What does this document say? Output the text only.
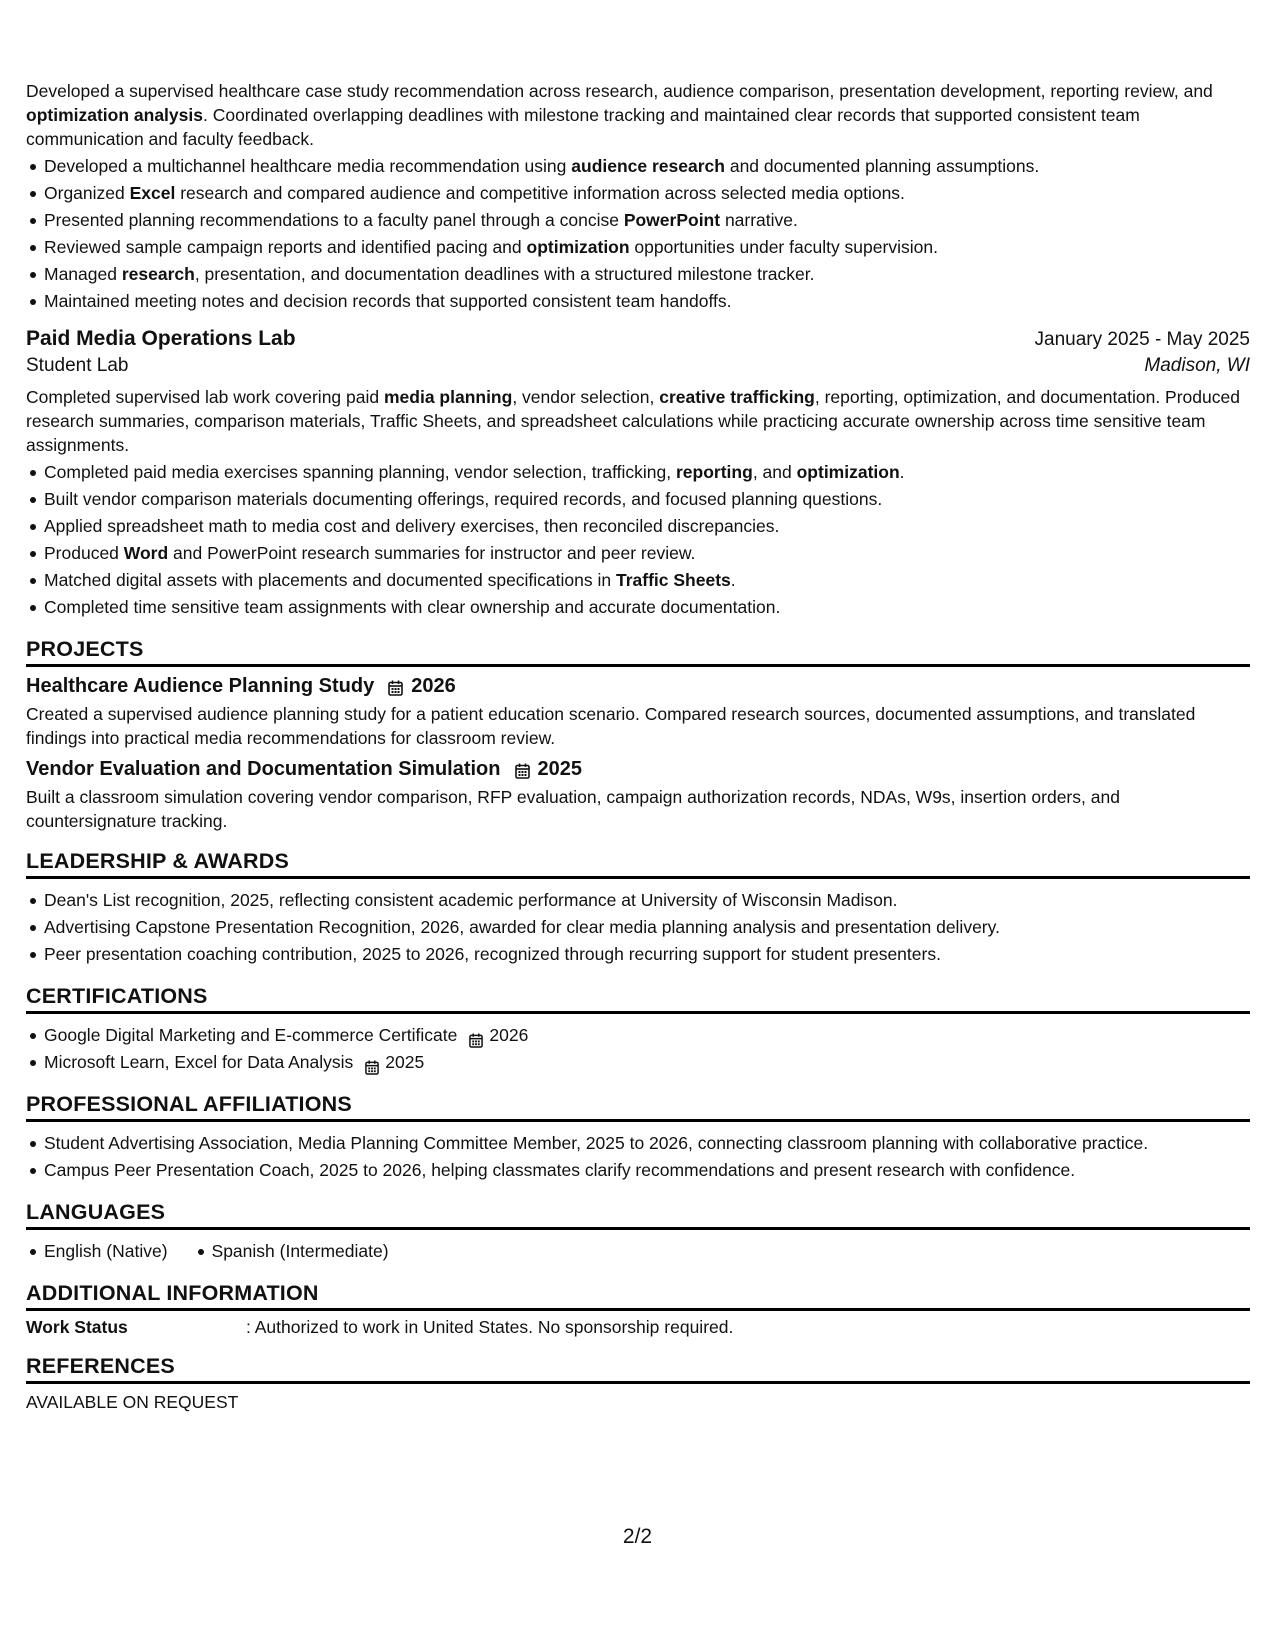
Developed a supervised healthcare case study recommendation across research, audience comparison, presentation development, reporting review, and optimization analysis. Coordinated overlapping deadlines with milestone tracking and maintained clear records that supported consistent team communication and faculty feedback.

Developed a multichannel healthcare media recommendation using audience research and documented planning assumptions.
Organized Excel research and compared audience and competitive information across selected media options.
Presented planning recommendations to a faculty panel through a concise PowerPoint narrative.
Reviewed sample campaign reports and identified pacing and optimization opportunities under faculty supervision.
Managed research, presentation, and documentation deadlines with a structured milestone tracker.
Maintained meeting notes and decision records that supported consistent team handoffs.
Paid Media Operations Lab	January 2025 - May 2025
Student Lab	Madison, WI

Completed supervised lab work covering paid media planning, vendor selection, creative trafficking, reporting, optimization, and documentation. Produced research summaries, comparison materials, Traffic Sheets, and spreadsheet calculations while practicing accurate ownership across time sensitive team assignments.

Completed paid media exercises spanning planning, vendor selection, trafficking, reporting, and optimization.
Built vendor comparison materials documenting offerings, required records, and focused planning questions.
Applied spreadsheet math to media cost and delivery exercises, then reconciled discrepancies.
Produced Word and PowerPoint research summaries for instructor and peer review.
Matched digital assets with placements and documented specifications in Traffic Sheets.
Completed time sensitive team assignments with clear ownership and accurate documentation.
PROJECTS
Healthcare Audience Planning Study 2026

Created a supervised audience planning study for a patient education scenario. Compared research sources, documented assumptions, and translated findings into practical media recommendations for classroom review.

Vendor Evaluation and Documentation Simulation 2025

Built a classroom simulation covering vendor comparison, RFP evaluation, campaign authorization records, NDAs, W9s, insertion orders, and countersignature tracking.

LEADERSHIP & AWARDS
Dean's List recognition, 2025, reflecting consistent academic performance at University of Wisconsin Madison.
Advertising Capstone Presentation Recognition, 2026, awarded for clear media planning analysis and presentation delivery.
Peer presentation coaching contribution, 2025 to 2026, recognized through recurring support for student presenters.
CERTIFICATIONS
Google Digital Marketing and E-commerce Certificate 2026
Microsoft Learn, Excel for Data Analysis 2025
PROFESSIONAL AFFILIATIONS
Student Advertising Association, Media Planning Committee Member, 2025 to 2026, connecting classroom planning with collaborative practice.
Campus Peer Presentation Coach, 2025 to 2026, helping classmates clarify recommendations and present research with confidence.
LANGUAGES
English (Native)	Spanish (Intermediate)
ADDITIONAL INFORMATION
Work Status	: Authorized to work in United States. No sponsorship required.
REFERENCES
AVAILABLE ON REQUEST
2/2
